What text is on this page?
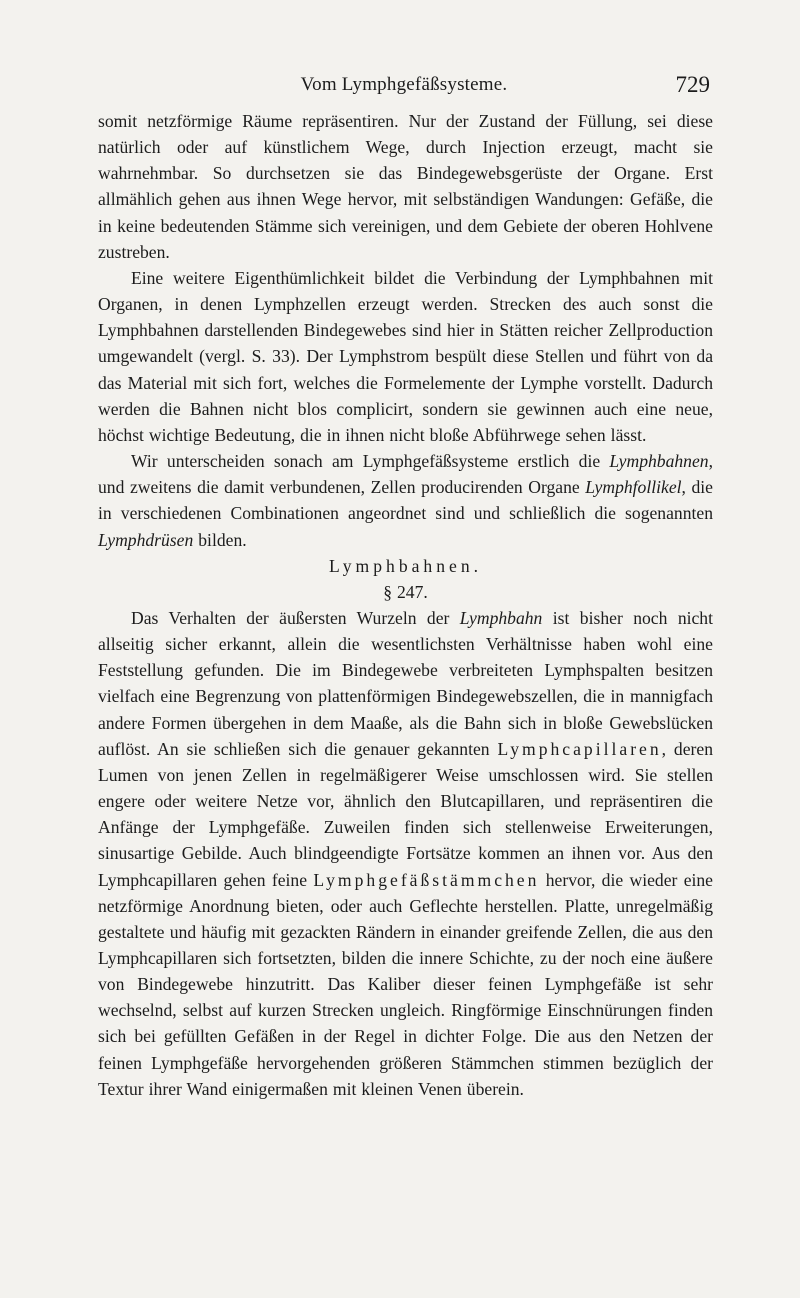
Vom Lymphgefäßsysteme.	729

somit netzförmige Räume repräsentiren. Nur der Zustand der Füllung, sei diese natürlich oder auf künstlichem Wege, durch Injection erzeugt, macht sie wahrnehmbar. So durchsetzen sie das Bindegewebsgerüste der Organe. Erst allmählich gehen aus ihnen Wege hervor, mit selbständigen Wandungen: Gefäße, die in keine bedeutenden Stämme sich vereinigen, und dem Gebiete der oberen Hohlvene zustreben.

Eine weitere Eigenthümlichkeit bildet die Verbindung der Lymphbahnen mit Organen, in denen Lymphzellen erzeugt werden. Strecken des auch sonst die Lymphbahnen darstellenden Bindegewebes sind hier in Stätten reicher Zellproduction umgewandelt (vergl. S. 33). Der Lymphstrom bespült diese Stellen und führt von da das Material mit sich fort, welches die Formelemente der Lymphe vorstellt. Dadurch werden die Bahnen nicht blos complicirt, sondern sie gewinnen auch eine neue, höchst wichtige Bedeutung, die in ihnen nicht bloße Abführwege sehen lässt.

Wir unterscheiden sonach am Lymphgefäßsysteme erstlich die Lymphbahnen, und zweitens die damit verbundenen, Zellen producirenden Organe Lymphfollikel, die in verschiedenen Combinationen angeordnet sind und schließlich die sogenannten Lymphdrüsen bilden.

Lymphbahnen.

§ 247.

Das Verhalten der äußersten Wurzeln der Lymphbahn ist bisher noch nicht allseitig sicher erkannt, allein die wesentlichsten Verhältnisse haben wohl eine Feststellung gefunden. Die im Bindegewebe verbreiteten Lymphspalten besitzen vielfach eine Begrenzung von plattenförmigen Bindegewebszellen, die in mannigfach andere Formen übergehen in dem Maaße, als die Bahn sich in bloße Gewebslücken auflöst. An sie schließen sich die genauer gekannten Lymphcapillaren, deren Lumen von jenen Zellen in regelmäßigerer Weise umschlossen wird. Sie stellen engere oder weitere Netze vor, ähnlich den Blutcapillaren, und repräsentiren die Anfänge der Lymphgefäße. Zuweilen finden sich stellenweise Erweiterungen, sinusartige Gebilde. Auch blindgeendigte Fortsätze kommen an ihnen vor. Aus den Lymphcapillaren gehen feine Lymphgefäßstämmchen hervor, die wieder eine netzförmige Anordnung bieten, oder auch Geflechte herstellen. Platte, unregelmäßig gestaltete und häufig mit gezackten Rändern in einander greifende Zellen, die aus den Lymphcapillaren sich fortsetzten, bilden die innere Schichte, zu der noch eine äußere von Bindegewebe hinzutritt. Das Kaliber dieser feinen Lymphgefäße ist sehr wechselnd, selbst auf kurzen Strecken ungleich. Ringförmige Einschnürungen finden sich bei gefüllten Gefäßen in der Regel in dichter Folge. Die aus den Netzen der feinen Lymphgefäße hervorgehenden größeren Stämmchen stimmen bezüglich der Textur ihrer Wand einigermaßen mit kleinen Venen überein.
